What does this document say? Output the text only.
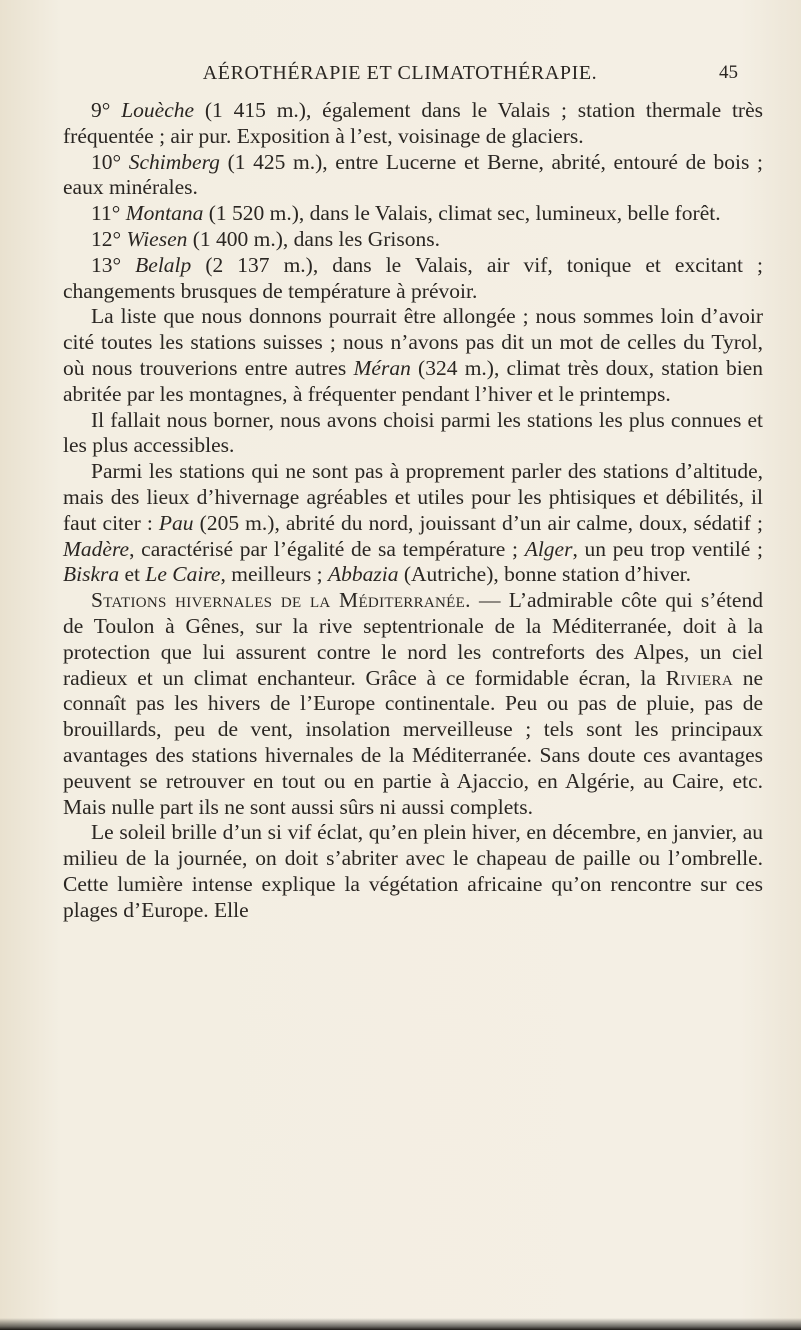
AÉROTHÉRAPIE ET CLIMATOTHÉRAPIE.	45

9° Louèche (1 415 m.), également dans le Valais ; station thermale très fréquentée ; air pur. Exposition à l’est, voisinage de glaciers.

10° Schimberg (1 425 m.), entre Lucerne et Berne, abrité, entouré de bois ; eaux minérales.

11° Montana (1 520 m.), dans le Valais, climat sec, lumineux, belle forêt.

12° Wiesen (1 400 m.), dans les Grisons.

13° Belalp (2 137 m.), dans le Valais, air vif, tonique et excitant ; changements brusques de température à prévoir.

La liste que nous donnons pourrait être allongée ; nous sommes loin d’avoir cité toutes les stations suisses ; nous n’avons pas dit un mot de celles du Tyrol, où nous trouverions entre autres Méran (324 m.), climat très doux, station bien abritée par les montagnes, à fréquenter pendant l’hiver et le printemps.

Il fallait nous borner, nous avons choisi parmi les stations les plus connues et les plus accessibles.

Parmi les stations qui ne sont pas à proprement parler des stations d’altitude, mais des lieux d’hivernage agréables et utiles pour les phtisiques et débilités, il faut citer : Pau (205 m.), abrité du nord, jouissant d’un air calme, doux, sédatif ; Madère, caractérisé par l’égalité de sa température ; Alger, un peu trop ventilé ; Biskra et Le Caire, meilleurs ; Abbazia (Autriche), bonne station d’hiver.

Stations hivernales de la Méditerranée. — L’admirable côte qui s’étend de Toulon à Gênes, sur la rive septentrionale de la Méditerranée, doit à la protection que lui assurent contre le nord les contreforts des Alpes, un ciel radieux et un climat enchanteur. Grâce à ce formidable écran, la Riviera ne connaît pas les hivers de l’Europe continentale. Peu ou pas de pluie, pas de brouillards, peu de vent, insolation merveilleuse ; tels sont les principaux avantages des stations hivernales de la Méditerranée. Sans doute ces avantages peuvent se retrouver en tout ou en partie à Ajaccio, en Algérie, au Caire, etc. Mais nulle part ils ne sont aussi sûrs ni aussi complets.

Le soleil brille d’un si vif éclat, qu’en plein hiver, en décembre, en janvier, au milieu de la journée, on doit s’abriter avec le chapeau de paille ou l’ombrelle. Cette lumière intense explique la végétation africaine qu’on rencontre sur ces plages d’Europe. Elle
